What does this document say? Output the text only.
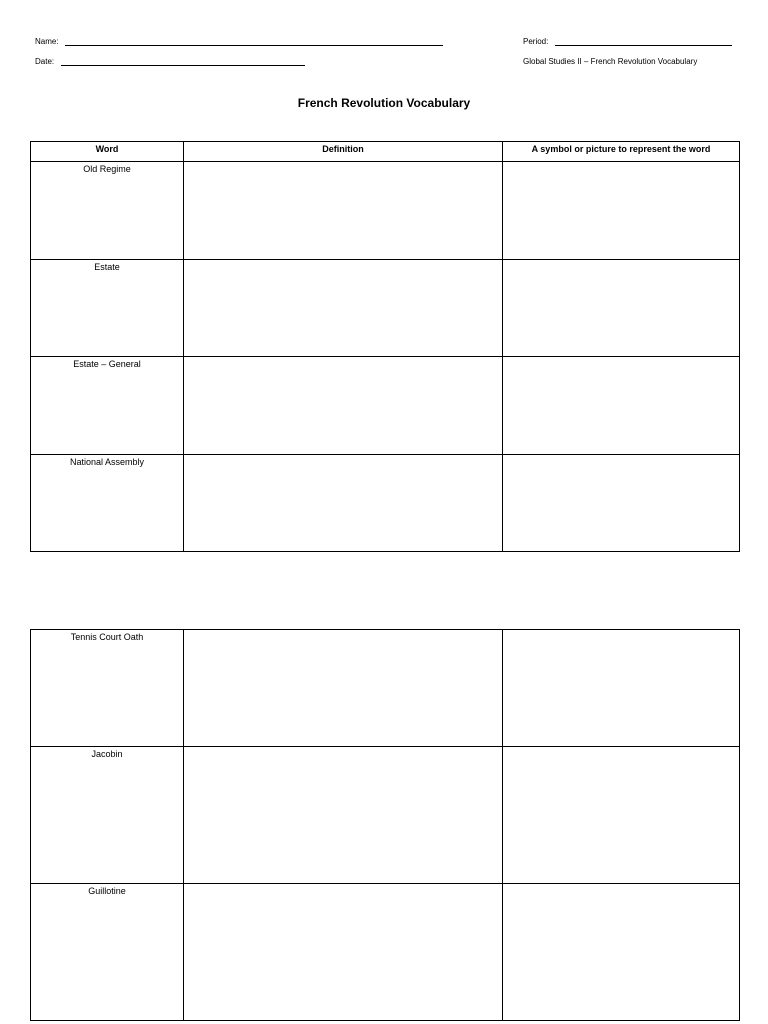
Name:
Date:
Period:
Global Studies II – French Revolution Vocabulary
French Revolution Vocabulary
Word	Definition	A symbol or picture to represent the word
Old Regime		
Estate		
Estate – General		
National Assembly		
Tennis Court Oath		
Jacobin		
Guillotine		
